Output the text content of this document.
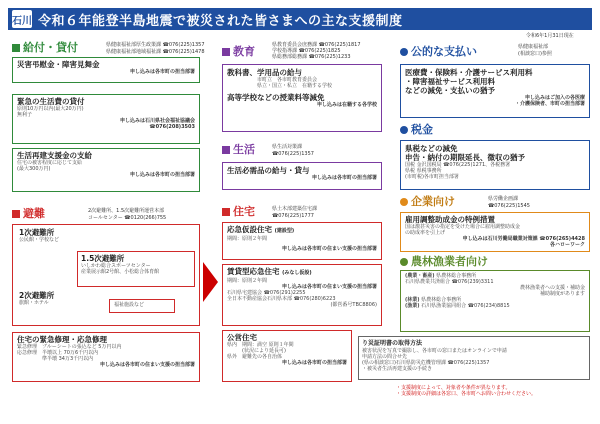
石川 令和６年能登半島地震で被災された皆さまへの主な支援制度
令和6年1月31日現在
給付・貸付	県健康福祉部厚生政策課 ☎076(225)1357
県健康福祉部地域福祉課 ☎076(225)1478
災害弔慰金・障害見舞金
申し込みは各市町の担当部署
緊急の生活費の貸付
原則10万円以内(最大20万円)
無利子
申し込みは石川県社会福祉協議会
☎076(208)3503
生活再建支援金の支給
住宅の被害程度に応じて支給
(最大300万円)
申し込みは各市町の担当部署
避難	2次避難所、1.5次避難所運営本部
コールセンター ☎0120(266)755
1次避難所
公民館・学校など
1.5次避難所
いしかわ総合スポーツセンター
産業展示館2号館、小松総合体育館
2次避難所
旅館・ホテル	福祉施設など
住宅の緊急修理・応急修理
緊急修理　ブルーシートの張込など 5万円以内
応急修理　半壊以上 70万6千円以内
　　　　　準半壊 34万3千円以内
申し込みは各市町の住まい支援の担当部署
教育	県教育委員会庶務課 ☎076(225)1817
学校指導課 ☎076(225)1825
県総務部総務課 ☎076(225)1233
教科書、学用品の給与
市町立　各市町教育委員会
県立・国立・私立　在籍する学校
高等学校などの授業料等減免
申し込みは在籍する各学校
生活	県生活対策課
☎076(225)1357
生活必需品の給与・貸与
申し込みは各市町の担当部署
住宅	県土木部建築住宅課
☎076(225)1777
応急仮設住宅 (建設型)
期間：原則２年間
申し込みは各市町の住まい支援の担当部署
賃貸型応急住宅 (みなし仮設)
期間：原則２年間
申し込みは各市町の住まい支援の担当部署
石川県宅建協会 ☎076(291)2255
全日本不動産協会石川県本部 ☎076(280)6223
(都営番号TBC8806)
公営住宅
県内　期間：満空 原則１年間
　　　(状況により延長可)
県外　避難先の各自治体
申し込みは各市町の担当部署
公的な支払い	県健康福祉部
(相談窓口)参照
医療費・保険料・介護サービス利用料
・障害福祉サービス利用料
などの減免・支払いの猶予
申し込みはご加入の各医療
・介護保険者、市町の担当部署
税金
県税などの減免
申告・納付の期限延長、徴収の猶予
国税 金沢国税局 ☎076(225)1271、各税務署
県税 県税事務所
(市町税)各市町担当部署
企業向け	県労働企画課
☎076(225)1545
雇用調整助成金の特例措置
国は激甚災害の指定を受けた場合に雇用調整助成金
の助成率を引上げ
申し込みは石川労働局職業対策課 ☎076(265)4428
各ハローワーク
農林漁業者向け
(農業・畜産) 県農林総合事務所
石川県農業共済組合 ☎076(239)3311
農林漁業者への支援・補助金
補助制度があります
(林業) 県農林総合事務所
(漁業) 石川県漁業協同組合 ☎076(234)8815
り災証明書の取得方法
被害状況を写真で撮影し、各市町の窓口またはオンラインで申請
申請方法の問合せ先
(県の相談窓口)石川県防災危機管理課 ☎076(225)1357
・被災者生活再建支援の手続き
・支援制度によって、対象者や条件が異なります。
・支援制度の詳細は各窓口、各市町へお問い合わせください。
